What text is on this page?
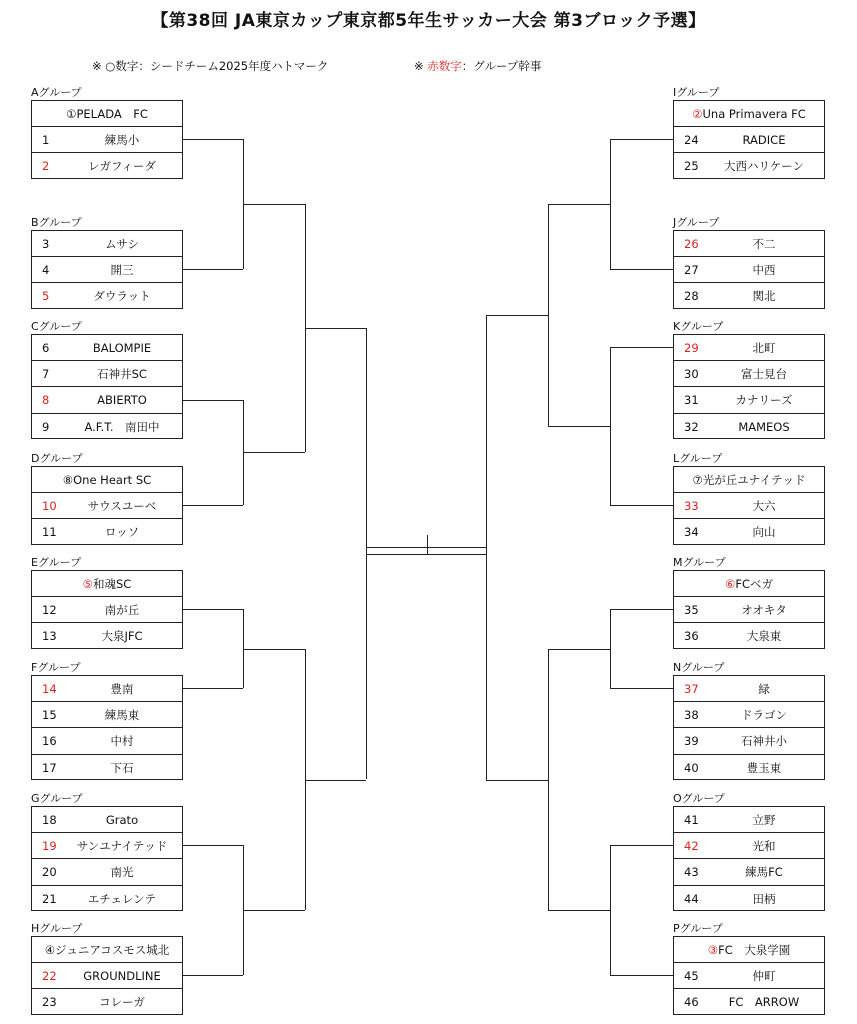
【第38回 JA東京カップ東京都5年生サッカー大会 第3ブロック予選】
※ ○数字：シードチーム2025年度ハトマーク	※ 赤数字：グループ幹事
Aグループ
①PELADA　FC
1	練馬小
2	レガフィーダ
Bグループ
3	ムサシ
4	開三
5	ダウラット
Cグループ
6	BALOMPIE
7	石神井SC
8	ABIERTO
9	A.F.T.　南田中
Dグループ
⑧One Heart SC
10	サウスユーベ
11	ロッソ
Eグループ
⑤和魂SC
12	南が丘
13	大泉JFC
Fグループ
14	豊南
15	練馬東
16	中村
17	下石
Gグループ
18	Grato
19	サンユナイテッド
20	南光
21	エチェレンテ
Hグループ
④ジュニアコスモス城北
22	GROUNDLINE
23	コレーガ
Iグループ
②Una Primavera FC
24	RADICE
25	大西ハリケーン
Jグループ
26	不二
27	中西
28	関北
Kグループ
29	北町
30	富士見台
31	カナリーズ
32	MAMEOS
Lグループ
⑦光が丘ユナイテッド
33	大六
34	向山
Mグループ
⑥FCベガ
35	オオキタ
36	大泉東
Nグループ
37	緑
38	ドラゴン
39	石神井小
40	豊玉東
Oグループ
41	立野
42	光和
43	練馬FC
44	田柄
Pグループ
③FC　大泉学園
45	仲町
46	FC　ARROW
